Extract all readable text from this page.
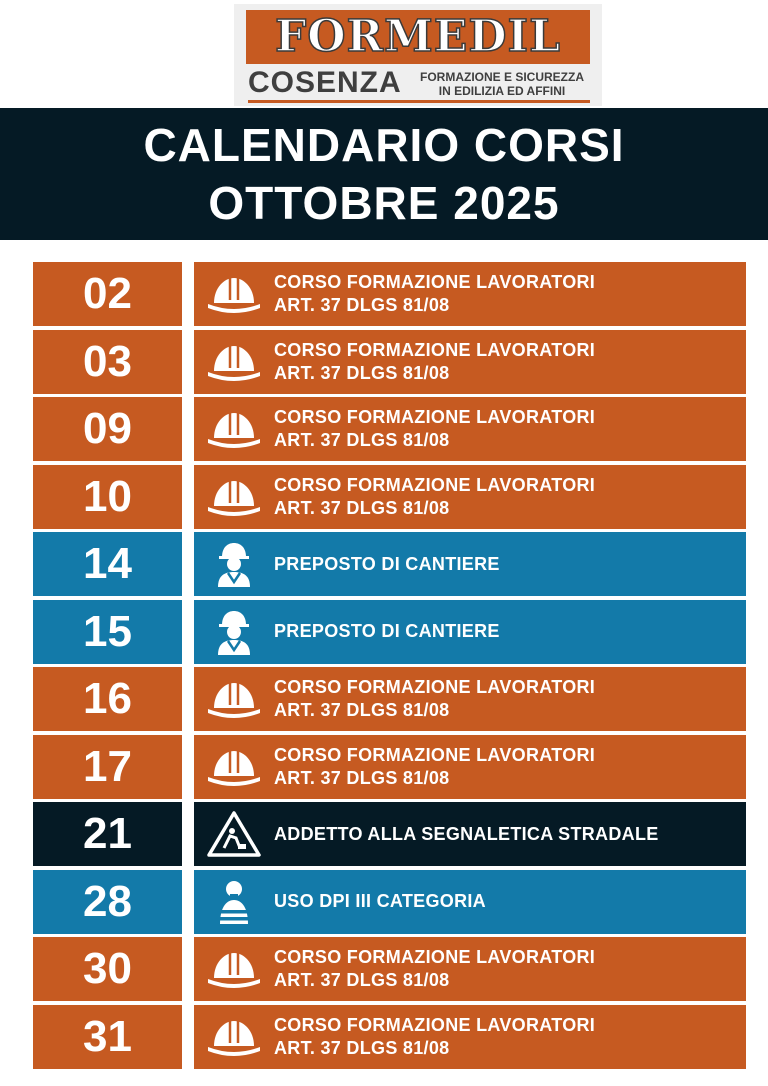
FORMEDIL
COSENZA	FORMAZIONE E SICUREZZA
IN EDILIZIA ED AFFINI
CALENDARIO CORSI
OTTOBRE 2025
02	CORSO FORMAZIONE LAVORATORI
ART. 37 DLGS 81/08
03	CORSO FORMAZIONE LAVORATORI
ART. 37 DLGS 81/08
09	CORSO FORMAZIONE LAVORATORI
ART. 37 DLGS 81/08
10	CORSO FORMAZIONE LAVORATORI
ART. 37 DLGS 81/08
14	PREPOSTO DI CANTIERE
15	PREPOSTO DI CANTIERE
16	CORSO FORMAZIONE LAVORATORI
ART. 37 DLGS 81/08
17	CORSO FORMAZIONE LAVORATORI
ART. 37 DLGS 81/08
21	ADDETTO ALLA SEGNALETICA STRADALE
28	USO DPI III CATEGORIA
30	CORSO FORMAZIONE LAVORATORI
ART. 37 DLGS 81/08
31	CORSO FORMAZIONE LAVORATORI
ART. 37 DLGS 81/08
